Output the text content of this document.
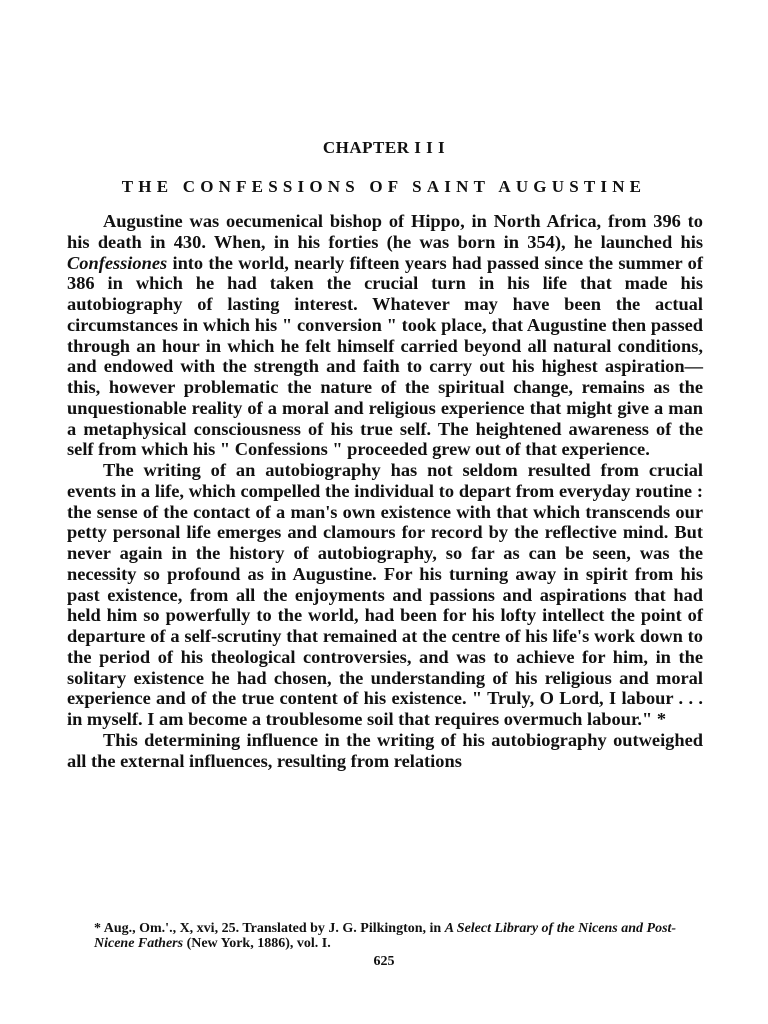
CHAPTER I I I
THE CONFESSIONS OF SAINT AUGUSTINE

Augustine was oecumenical bishop of Hippo, in North Africa, from 396 to his death in 430. When, in his forties (he was born in 354), he launched his Confessiones into the world, nearly fifteen years had passed since the summer of 386 in which he had taken the crucial turn in his life that made his autobiography of lasting interest. Whatever may have been the actual circumstances in which his " conversion " took place, that Augustine then passed through an hour in which he felt himself carried beyond all natural conditions, and endowed with the strength and faith to carry out his highest aspiration—this, however problematic the nature of the spiritual change, remains as the unquestionable reality of a moral and religious experience that might give a man a metaphysical consciousness of his true self. The heightened awareness of the self from which his " Confessions " proceeded grew out of that experience.

The writing of an autobiography has not seldom resulted from crucial events in a life, which compelled the individual to depart from everyday routine : the sense of the contact of a man's own existence with that which transcends our petty personal life emerges and clamours for record by the reflective mind. But never again in the history of autobiography, so far as can be seen, was the necessity so profound as in Augustine. For his turning away in spirit from his past existence, from all the enjoyments and passions and aspirations that had held him so powerfully to the world, had been for his lofty intellect the point of departure of a self-scrutiny that remained at the centre of his life's work down to the period of his theological controversies, and was to achieve for him, in the solitary existence he had chosen, the understanding of his religious and moral experience and of the true content of his existence. " Truly, O Lord, I labour . . . in myself. I am become a troublesome soil that requires overmuch labour." *

This determining influence in the writing of his autobiography outweighed all the external influences, resulting from relations

* Aug., Om.'., X, xvi, 25. Translated by J. G. Pilkington, in A Select Library of the Nicens and Post-Nicene Fathers (New York, 1886), vol. I.
625
